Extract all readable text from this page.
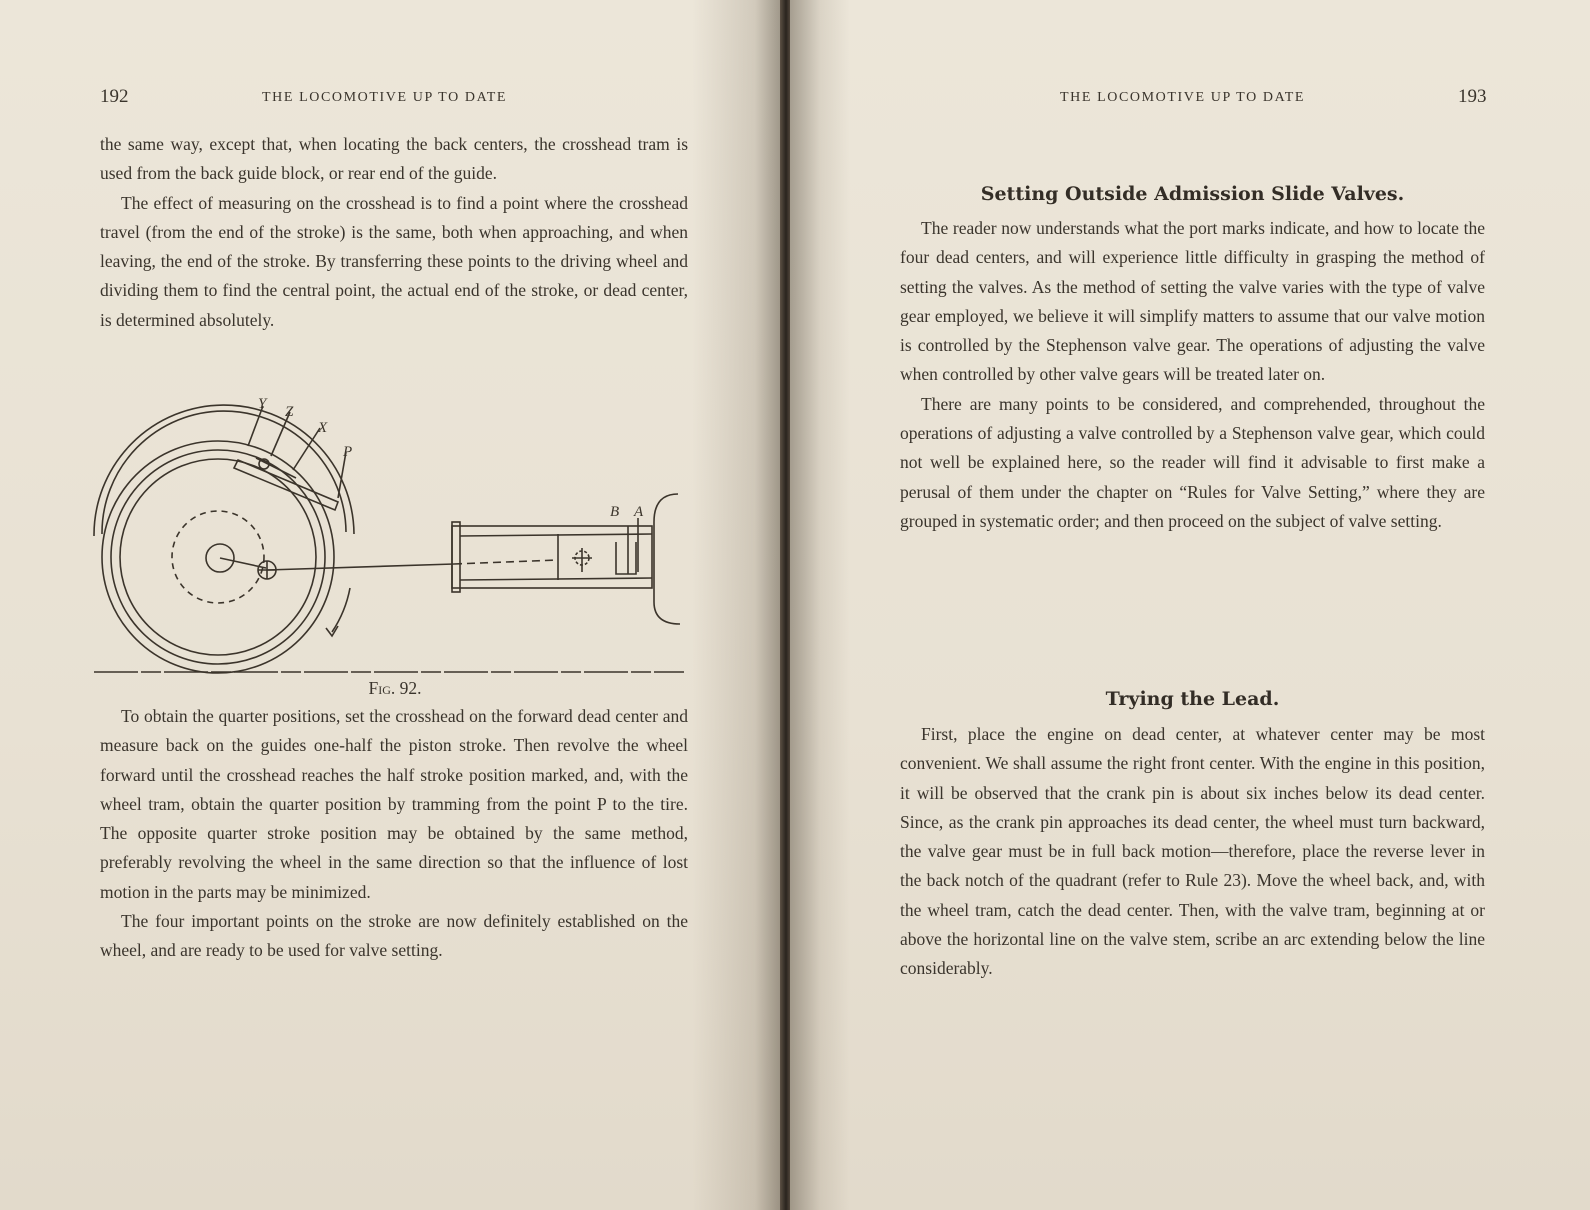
192	THE LOCOMOTIVE UP TO DATE

the same way, except that, when locating the back centers, the crosshead tram is used from the back guide block, or rear end of the guide.

The effect of measuring on the crosshead is to find a point where the crosshead travel (from the end of the stroke) is the same, both when approaching, and when leaving, the end of the stroke. By transferring these points to the driving wheel and dividing them to find the central point, the actual end of the stroke, or dead center, is determined absolutely.

Y Z
X
P
B A
Fig. 92.

To obtain the quarter positions, set the crosshead on the forward dead center and measure back on the guides one-half the piston stroke. Then revolve the wheel forward until the crosshead reaches the half stroke position marked, and, with the wheel tram, obtain the quarter position by tramming from the point P to the tire. The opposite quarter stroke position may be obtained by the same method, preferably revolving the wheel in the same direction so that the influence of lost motion in the parts may be minimized.

The four important points on the stroke are now definitely established on the wheel, and are ready to be used for valve setting.

THE LOCOMOTIVE UP TO DATE	193
Setting Outside Admission Slide Valves.

The reader now understands what the port marks indicate, and how to locate the four dead centers, and will experience little difficulty in grasping the method of setting the valves. As the method of setting the valve varies with the type of valve gear employed, we believe it will simplify matters to assume that our valve motion is controlled by the Stephenson valve gear. The operations of adjusting the valve when controlled by other valve gears will be treated later on.

There are many points to be considered, and comprehended, throughout the operations of adjusting a valve controlled by a Stephenson valve gear, which could not well be explained here, so the reader will find it advisable to first make a perusal of them under the chapter on “Rules for Valve Setting,” where they are grouped in systematic order; and then proceed on the subject of valve setting.

Trying the Lead.

First, place the engine on dead center, at whatever center may be most convenient. We shall assume the right front center. With the engine in this position, it will be observed that the crank pin is about six inches below its dead center. Since, as the crank pin approaches its dead center, the wheel must turn backward, the valve gear must be in full back motion—therefore, place the reverse lever in the back notch of the quadrant (refer to Rule 23). Move the wheel back, and, with the wheel tram, catch the dead center. Then, with the valve tram, beginning at or above the horizontal line on the valve stem, scribe an arc extending below the line considerably.
